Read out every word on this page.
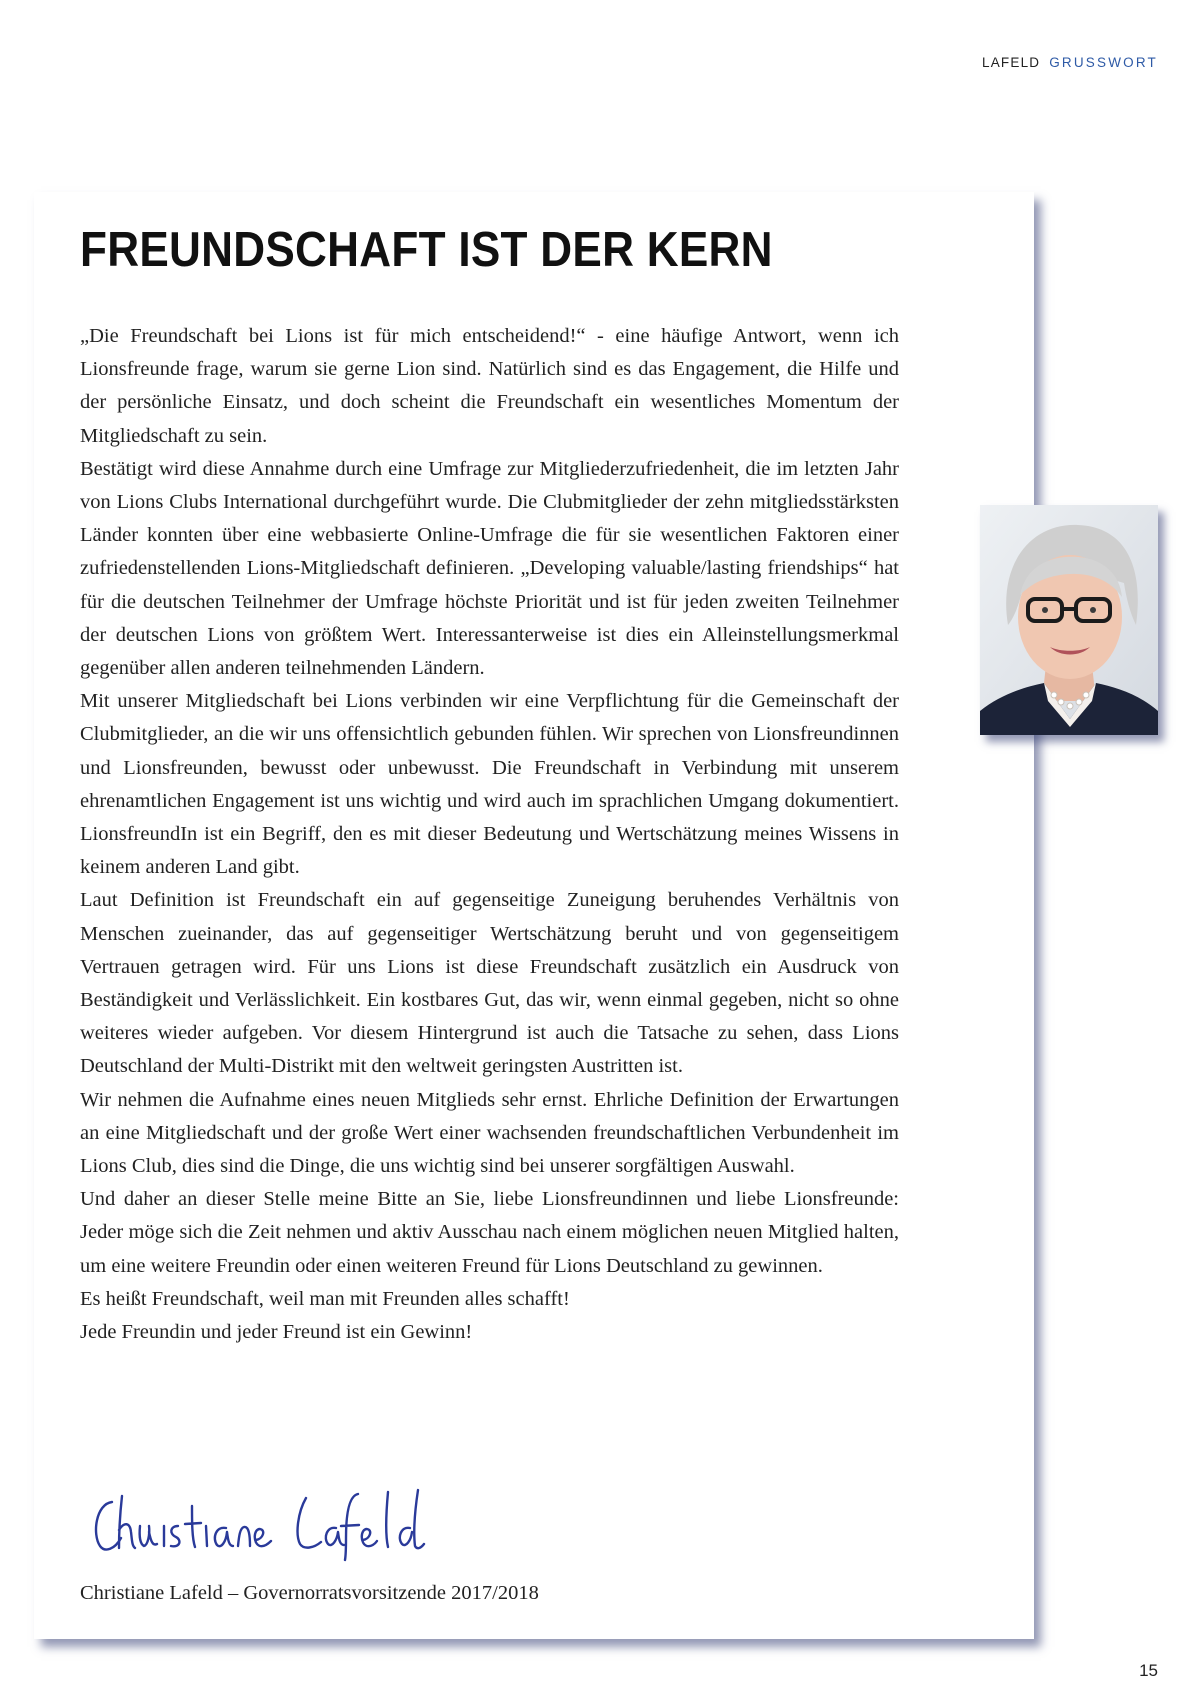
LAFELD GRUSSWORT
FREUNDSCHAFT IST DER KERN

„Die Freundschaft bei Lions ist für mich entscheidend!“ - eine häufige Antwort, wenn ich Lionsfreunde frage, warum sie gerne Lion sind. Natürlich sind es das Engagement, die Hilfe und der persönliche Einsatz, und doch scheint die Freundschaft ein wesentliches Momentum der Mitgliedschaft zu sein.

Bestätigt wird diese Annahme durch eine Umfrage zur Mitgliederzufriedenheit, die im letzten Jahr von Lions Clubs International durchgeführt wurde. Die Clubmitglieder der zehn mitgliedsstärksten Länder konnten über eine webbasierte Online-Umfrage die für sie wesentlichen Faktoren einer zufriedenstellenden Lions-Mitgliedschaft definieren. „Developing valuable/lasting friendships“ hat für die deutschen Teilnehmer der Umfrage höchste Priorität und ist für jeden zweiten Teilnehmer der deutschen Lions von größtem Wert. Interessanterweise ist dies ein Alleinstellungsmerkmal gegenüber allen anderen teilnehmenden Ländern.

Mit unserer Mitgliedschaft bei Lions verbinden wir eine Verpflichtung für die Gemeinschaft der Clubmitglieder, an die wir uns offensichtlich gebunden fühlen. Wir sprechen von Lionsfreundinnen und Lionsfreunden, bewusst oder unbewusst. Die Freundschaft in Verbindung mit unserem ehrenamtlichen Engagement ist uns wichtig und wird auch im sprachlichen Umgang dokumentiert. LionsfreundIn ist ein Begriff, den es mit dieser Bedeutung und Wertschätzung meines Wissens in keinem anderen Land gibt.

Laut Definition ist Freundschaft ein auf gegenseitige Zuneigung beruhendes Verhältnis von Menschen zueinander, das auf gegenseitiger Wertschätzung beruht und von gegenseitigem Vertrauen getragen wird. Für uns Lions ist diese Freundschaft zusätzlich ein Ausdruck von Beständigkeit und Verlässlichkeit. Ein kostbares Gut, das wir, wenn einmal gegeben, nicht so ohne weiteres wieder aufgeben. Vor diesem Hintergrund ist auch die Tatsache zu sehen, dass Lions Deutschland der Multi-Distrikt mit den weltweit geringsten Austritten ist.

Wir nehmen die Aufnahme eines neuen Mitglieds sehr ernst. Ehrliche Definition der Erwartungen an eine Mitgliedschaft und der große Wert einer wachsenden freundschaftlichen Verbundenheit im Lions Club, dies sind die Dinge, die uns wichtig sind bei unserer sorgfältigen Auswahl.

Und daher an dieser Stelle meine Bitte an Sie, liebe Lionsfreundinnen und liebe Lionsfreunde: Jeder möge sich die Zeit nehmen und aktiv Ausschau nach einem möglichen neuen Mitglied halten, um eine weitere Freundin oder einen weiteren Freund für Lions Deutschland zu gewinnen.

Es heißt Freundschaft, weil man mit Freunden alles schafft!

Jede Freundin und jeder Freund ist ein Gewinn!

Christiane Lafeld – Governorratsvorsitzende 2017/2018
15
